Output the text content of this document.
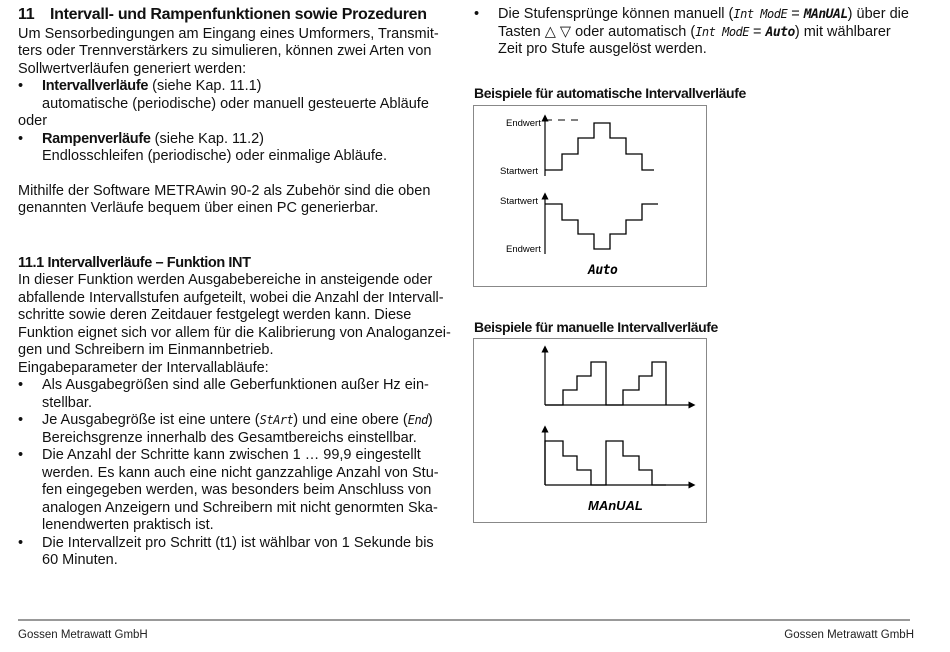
11 Intervall- und Rampenfunktionen sowie Prozeduren

Um Sensorbedingungen am Eingang eines Umformers, Transmit-

ters oder Trennverstärkers zu simulieren, können zwei Arten von

Sollwertverläufen generiert werden:

• Intervallverläufe (siehe Kap. 11.1)
automatische (periodische) oder manuell gesteuerte Abläufe

oder

• Rampenverläufe (siehe Kap. 11.2)
Endlosschleifen (periodische) oder einmalige Abläufe.

Mithilfe der Software METRAwin 90-2 als Zubehör sind die oben

genannten Verläufe bequem über einen PC generierbar.

11.1 Intervallverläufe – Funktion INT

In dieser Funktion werden Ausgabebereiche in ansteigende oder

abfallende Intervallstufen aufgeteilt, wobei die Anzahl der Intervall-

schritte sowie deren Zeitdauer festgelegt werden kann. Diese

Funktion eignet sich vor allem für die Kalibrierung von Analoganzei-

gen und Schreibern im Einmannbetrieb.

Eingabeparameter der Intervallabläufe:

• Als Ausgabegrößen sind alle Geberfunktionen außer Hz ein-
stellbar.
• Je Ausgabegröße ist eine untere (StArt) und eine obere (End)
Bereichsgrenze innerhalb des Gesamtbereichs einstellbar.
• Die Anzahl der Schritte kann zwischen 1 … 99,9 eingestellt
werden. Es kann auch eine nicht ganzzahlige Anzahl von Stu-
fen eingegeben werden, was besonders beim Anschluss von
analogen Anzeigern und Schreibern mit nicht genormten Ska-
lenendwerten praktisch ist.
• Die Intervallzeit pro Schritt (t1) ist wählbar von 1 Sekunde bis
60 Minuten.
• Die Stufensprünge können manuell (Int ModE = MAnUAL) über die
Tasten △ ▽ oder automatisch (Int ModE = Auto) mit wählbarer
Zeit pro Stufe ausgelöst werden.
Beispiele für automatische Intervallverläufe
Endwert
Startwert
Startwert
Endwert
Auto
Beispiele für manuelle Intervallverläufe
MAnUAL
Gossen Metrawatt GmbH	Gossen Metrawatt GmbH
